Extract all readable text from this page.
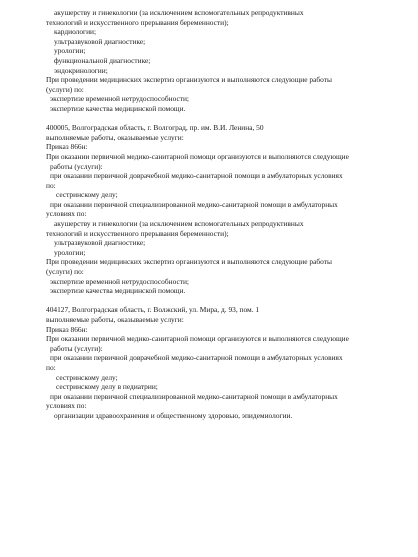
акушерству и гинекологии (за исключением вспомогательных репродуктивных
технологий и искусственного прерывания беременности);
кардиологии;
ультразвуковой диагностике;
урологии;
функциональной диагностике;
эндокринологии;
При проведении медицинских экспертиз организуются и выполняются следующие работы
(услуги) по:
экспертизе временной нетрудоспособности;
экспертизе качества медицинской помощи.
400005, Волгоградская область, г. Волгоград, пр. им. В.И. Ленина, 50
выполняемые работы, оказываемые услуги:
Приказ 866н:
При оказании первичной медико-санитарной помощи организуются и выполняются следующие
работы (услуги):
при оказании первичной доврачебной медико-санитарной помощи в амбулаторных условиях
по:
сестринскому делу;
при оказании первичной специализированной медико-санитарной помощи в амбулаторных
условиях по:
акушерству и гинекологии (за исключением вспомогательных репродуктивных
технологий и искусственного прерывания беременности);
ультразвуковой диагностике;
урологии;
При проведении медицинских экспертиз организуются и выполняются следующие работы
(услуги) по:
экспертизе временной нетрудоспособности;
экспертизе качества медицинской помощи.
404127, Волгоградская область, г. Волжский, ул. Мира, д. 93, пом. 1
выполняемые работы, оказываемые услуги:
Приказ 866н:
При оказании первичной медико-санитарной помощи организуются и выполняются следующие
работы (услуги):
при оказании первичной доврачебной медико-санитарной помощи в амбулаторных условиях
по:
сестринскому делу;
сестринскому делу в педиатрии;
при оказании первичной специализированной медико-санитарной помощи в амбулаторных
условиях по:
организации здравоохранения и общественному здоровью, эпидемиологии.
